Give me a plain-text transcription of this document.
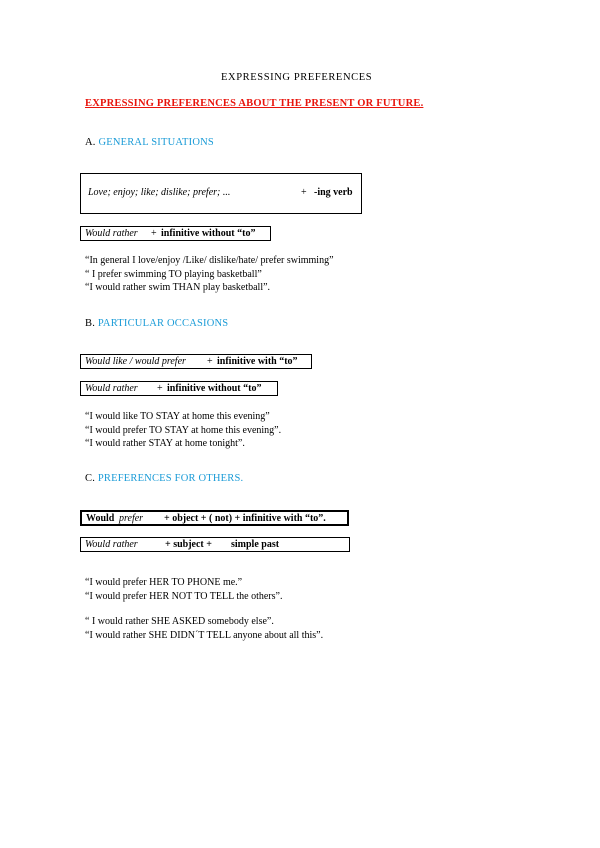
EXPRESSING PREFERENCES
EXPRESSING PREFERENCES ABOUT THE PRESENT OR FUTURE.
A. GENERAL SITUATIONS
Love; enjoy; like; dislike; prefer; ...	+ -ing verb
Would rather + infinitive without “to”
“In general I love/enjoy /Like/ dislike/hate/ prefer swimming”
“ I prefer swimming TO playing basketball”
“I would rather swim THAN play basketball”.
B. PARTICULAR OCCASIONS
Would like / would prefer + infinitive with “to”
Would rather + infinitive without “to”
“I would like TO STAY at home this evening”
“I would prefer TO STAY at home this evening”.
“I would rather STAY at home tonight”.
C. PREFERENCES FOR OTHERS.
Would prefer + object + ( not) + infinitive with “to”.
Would rather	+ subject + simple past
“I would prefer HER TO PHONE me.”
“I would prefer HER NOT TO TELL the others”.
“ I would rather SHE ASKED somebody else”.
“I would rather SHE DIDN´T TELL anyone about all this”.
